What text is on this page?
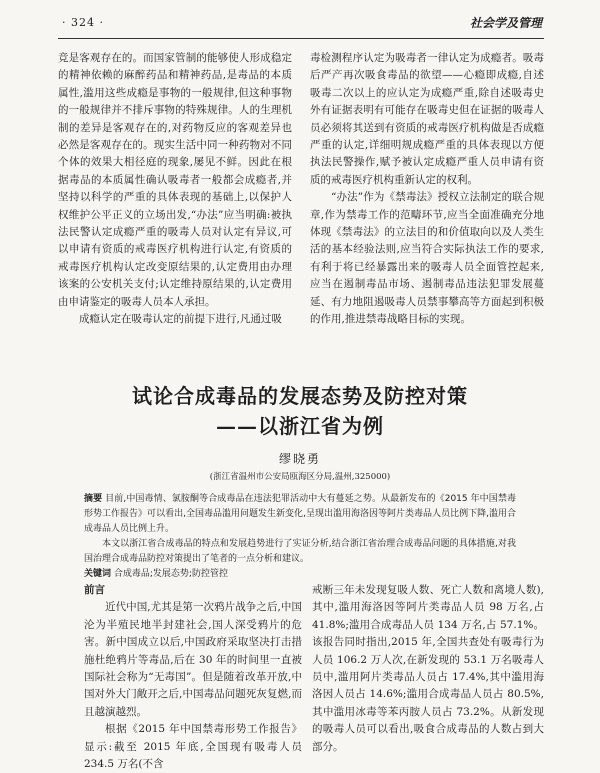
· 324 ·	社会学及管理

竞是客观存在的。而国家管制的能够使人形成稳定的精神依赖的麻醉药品和精神药品,是毒品的本质属性,滥用这些成瘾是事物的一般规律,但这种事物的一般规律并不排斥事物的特殊规律。人的生理机制的差异是客观存在的,对药物反应的客观差异也必然是客观存在的。现实生活中同一种药物对不同个体的效果大相径庭的现象,屡见不鲜。因此在根据毒品的本质属性确认吸毒者一般都会成瘾者,并坚持以科学的严重的具体表现的基础上,以保护人权维护公平正义的立场出发,“办法”应当明确:被执法民警认定成瘾严重的吸毒人员对认定有异议,可以申请有资质的戒毒医疗机构进行认定,有资质的戒毒医疗机构认定改变原结果的,认定费用由办理该案的公安机关支付;认定维持原结果的,认定费用由申请鉴定的吸毒人员本人承担。

成瘾认定在吸毒认定的前提下进行,凡通过吸

毒检测程序认定为吸毒者一律认定为成瘾者。吸毒后严产再次吸食毒品的欲望——心瘾即成瘾,自述吸毒二次以上的应认定为成瘾严重,除自述吸毒史外有证据表明有可能存在吸毒史但在证据的吸毒人员必须将其送到有资质的戒毒医疗机构做是否成瘾严重的认定,详细明规成瘾严重的具体表现以方便执法民警操作,赋予被认定成瘾严重人员申请有资质的戒毒医疗机构重新认定的权利。

“办法”作为《禁毒法》授权立法制定的联合规章,作为禁毒工作的范疇环节,应当全面准确充分地体现《禁毒法》的立法目的和价值取向以及人类生活的基本经验法则,应当符合实际执法工作的要求,有利于将已经暴露出来的吸毒人员全面管控起来,应当在遏制毒品市场、遏制毒品违法犯罪发展蔓延、有力地阻遏吸毒人员禁事攀高等方面起到积极的作用,推进禁毒战略目标的实现。

试论合成毒品的发展态势及防控对策
——以浙江省为例
缪晓勇
(浙江省温州市公安局瓯海区分局,温州,325000)

摘要 目前,中国毒情、氯胺酮等合成毒品在违法犯罪活动中大有蔓延之势。从最新发布的《2015 年中国禁毒形势工作报告》可以看出,全国毒品滥用问题发生新变化,呈现出滥用海洛因等阿片类毒品人员比例下降,滥用合成毒品人员比例上升。

本文以浙江省合成毒品的特点和发展趋势进行了实证分析,结合浙江省治理合成毒品问题的具体措施,对我国治理合成毒品防控对策提出了笔者的一点分析和建议。

关键词 合成毒品;发展态势;防控管控

前言

近代中国,尤其是第一次鸦片战争之后,中国沦为半殖民地半封建社会,国人深受鸦片的危害。新中国成立以后,中国政府采取坚决打击措施杜绝鸦片等毒品,后在 30 年的时间里一直被国际社会称为“无毒国”。但是随着改革开放,中国对外大门敞开之后,中国毒品问题死灰复燃,而且越演越烈。

根据《2015 年中国禁毒形势工作报告》显示:截至 2015 年底,全国现有吸毒人员 234.5 万名(不含

戒断三年未发现复吸人数、死亡人数和离境人数),其中,滥用海洛因等阿片类毒品人员 98 万名,占 41.8%;滥用合成毒品人员 134 万名,占 57.1%。该报告同时指出,2015 年,全国共查处有吸毒行为人员 106.2 万人次,在新发现的 53.1 万名吸毒人员中,滥用阿片类毒品人员占 17.4%,其中滥用海洛因人员占 14.6%;滥用合成毒品人员占 80.5%,其中滥用冰毒等苯丙胺人员占 73.2%。从新发现的吸毒人员可以看出,吸食合成毒品的人数占到大部分。
